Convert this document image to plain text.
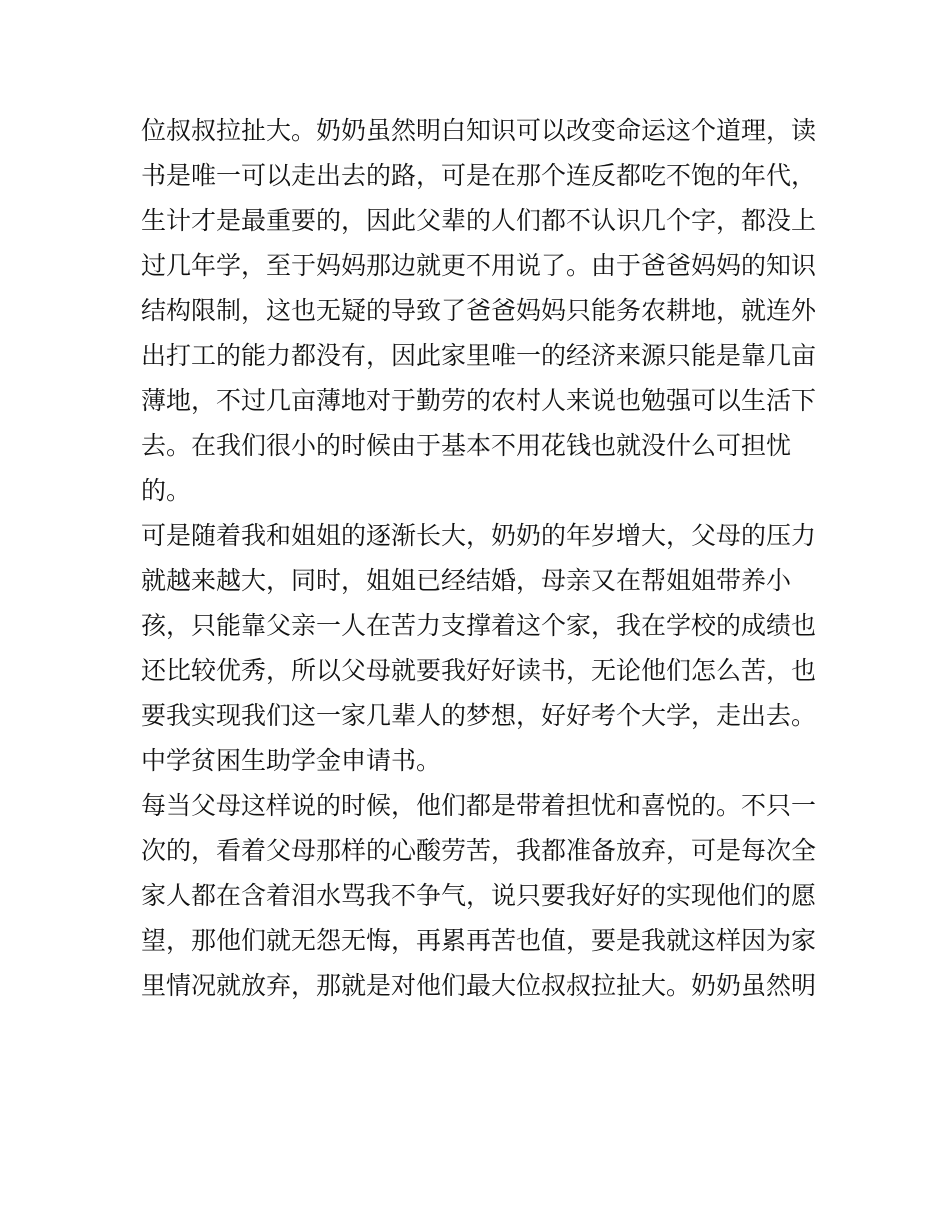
位叔叔拉扯大。奶奶虽然明白知识可以改变命运这个道理，读
书是唯一可以走出去的路，可是在那个连反都吃不饱的年代，
生计才是最重要的，因此父辈的人们都不认识几个字，都没上
过几年学，至于妈妈那边就更不用说了。由于爸爸妈妈的知识
结构限制，这也无疑的导致了爸爸妈妈只能务农耕地，就连外
出打工的能力都没有，因此家里唯一的经济来源只能是靠几亩
薄地，不过几亩薄地对于勤劳的农村人来说也勉强可以生活下
去。在我们很小的时候由于基本不用花钱也就没什么可担忧
的。
可是随着我和姐姐的逐渐长大，奶奶的年岁增大，父母的压力
就越来越大，同时，姐姐已经结婚，母亲又在帮姐姐带养小
孩，只能靠父亲一人在苦力支撑着这个家，我在学校的成绩也
还比较优秀，所以父母就要我好好读书，无论他们怎么苦，也
要我实现我们这一家几辈人的梦想，好好考个大学，走出去。
中学贫困生助学金申请书。
每当父母这样说的时候，他们都是带着担忧和喜悦的。不只一
次的，看着父母那样的心酸劳苦，我都准备放弃，可是每次全
家人都在含着泪水骂我不争气，说只要我好好的实现他们的愿
望，那他们就无怨无悔，再累再苦也值，要是我就这样因为家
里情况就放弃，那就是对他们最大位叔叔拉扯大。奶奶虽然明
